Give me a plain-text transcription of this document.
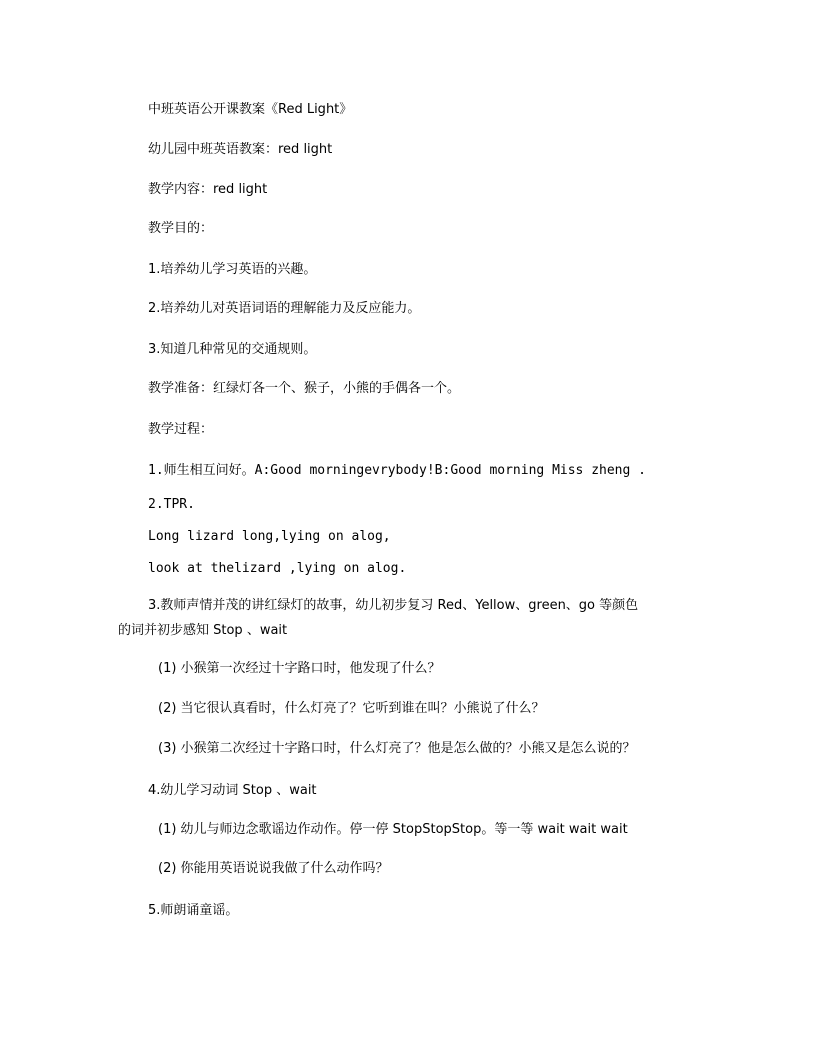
中班英语公开课教案《Red Light》
幼儿园中班英语教案：red light
教学内容：red light
教学目的：
1.培养幼儿学习英语的兴趣。
2.培养幼儿对英语词语的理解能力及反应能力。
3.知道几种常见的交通规则。
教学准备：红绿灯各一个、猴子，小熊的手偶各一个。
教学过程：
1.师生相互问好。A:Good morningevrybody!B:Good morning Miss zheng .
2.TPR.
Long lizard long,lying on alog,
look at thelizard ,lying on alog.
3.教师声情并茂的讲红绿灯的故事，幼儿初步复习 Red、Yellow、green、go 等颜色
的词并初步感知 Stop 、wait
(1) 小猴第一次经过十字路口时，他发现了什么？
(2) 当它很认真看时，什么灯亮了？它听到谁在叫？小熊说了什么？
(3) 小猴第二次经过十字路口时，什么灯亮了？他是怎么做的？小熊又是怎么说的？
4.幼儿学习动词 Stop 、wait
(1) 幼儿与师边念歌谣边作动作。停一停 StopStopStop。等一等 wait wait wait
(2) 你能用英语说说我做了什么动作吗？
5.师朗诵童谣。
